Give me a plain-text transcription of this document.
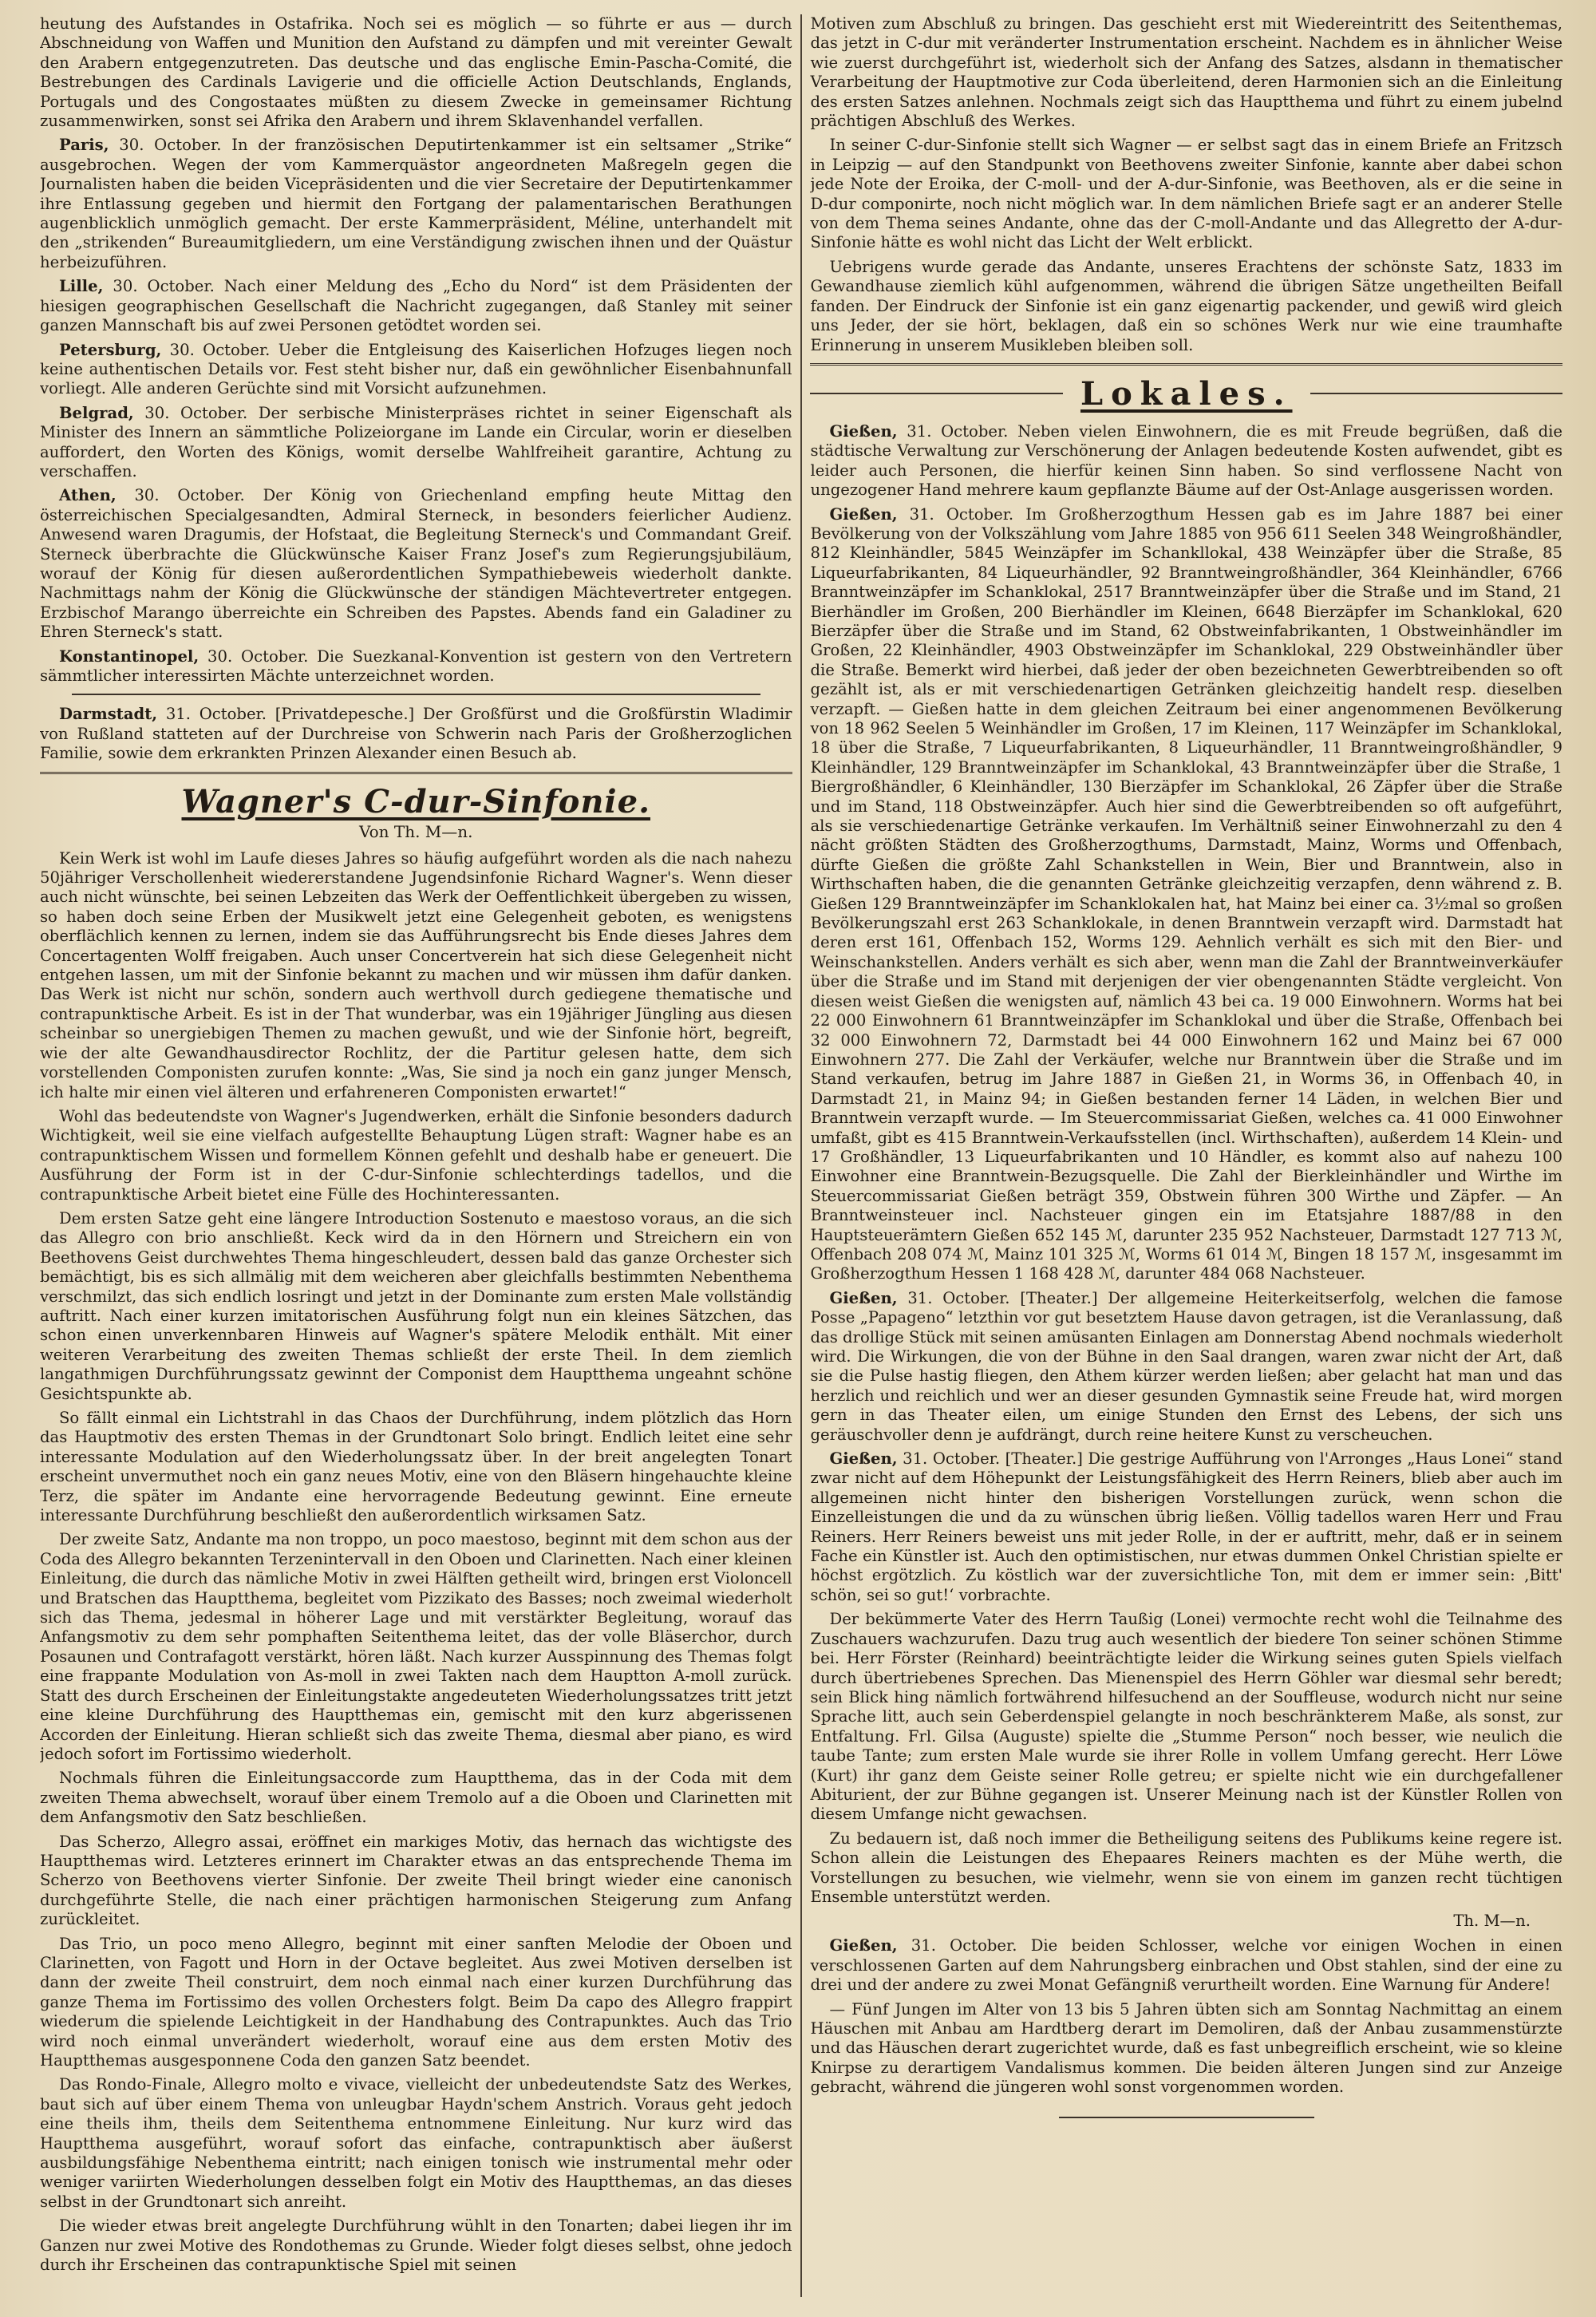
heutung des Aufstandes in Ostafrika. Noch sei es möglich — so führte er aus — durch Abschneidung von Waffen und Munition den Aufstand zu dämpfen und mit vereinter Gewalt den Arabern entgegenzutreten. Das deutsche und das englische Emin-Pascha-Comité, die Bestrebungen des Cardinals Lavigerie und die officielle Action Deutschlands, Englands, Portugals und des Congostaates müßten zu diesem Zwecke in gemeinsamer Richtung zusammenwirken, sonst sei Afrika den Arabern und ihrem Sklavenhandel verfallen.

Paris, 30. October. In der französischen Deputirtenkammer ist ein seltsamer „Strike“ ausgebrochen. Wegen der vom Kammerquästor angeordneten Maßregeln gegen die Journalisten haben die beiden Vicepräsidenten und die vier Secretaire der Deputirtenkammer ihre Entlassung gegeben und hiermit den Fortgang der palamentarischen Berathungen augenblicklich unmöglich gemacht. Der erste Kammerpräsident, Méline, unterhandelt mit den „strikenden“ Bureaumitgliedern, um eine Verständigung zwischen ihnen und der Quästur herbeizuführen.

Lille, 30. October. Nach einer Meldung des „Echo du Nord“ ist dem Präsidenten der hiesigen geographischen Gesellschaft die Nachricht zugegangen, daß Stanley mit seiner ganzen Mannschaft bis auf zwei Personen getödtet worden sei.

Petersburg, 30. October. Ueber die Entgleisung des Kaiserlichen Hofzuges liegen noch keine authentischen Details vor. Fest steht bisher nur, daß ein gewöhnlicher Eisenbahnunfall vorliegt. Alle anderen Gerüchte sind mit Vorsicht aufzunehmen.

Belgrad, 30. October. Der serbische Ministerpräses richtet in seiner Eigenschaft als Minister des Innern an sämmtliche Polizeiorgane im Lande ein Circular, worin er dieselben auffordert, den Worten des Königs, womit derselbe Wahlfreiheit garantire, Achtung zu verschaffen.

Athen, 30. October. Der König von Griechenland empfing heute Mittag den österreichischen Specialgesandten, Admiral Sterneck, in besonders feierlicher Audienz. Anwesend waren Dragumis, der Hofstaat, die Begleitung Sterneck's und Commandant Greif. Sterneck überbrachte die Glückwünsche Kaiser Franz Josef's zum Regierungsjubiläum, worauf der König für diesen außerordentlichen Sympathiebeweis wiederholt dankte. Nachmittags nahm der König die Glückwünsche der ständigen Mächtevertreter entgegen. Erzbischof Marango überreichte ein Schreiben des Papstes. Abends fand ein Galadiner zu Ehren Sterneck's statt.

Konstantinopel, 30. October. Die Suezkanal-Konvention ist gestern von den Vertretern sämmtlicher interessirten Mächte unterzeichnet worden.

Darmstadt, 31. October. [Privatdepesche.] Der Großfürst und die Großfürstin Wladimir von Rußland statteten auf der Durchreise von Schwerin nach Paris der Großherzoglichen Familie, sowie dem erkrankten Prinzen Alexander einen Besuch ab.

Wagner's C-dur-Sinfonie.
Von Th. M—n.

Kein Werk ist wohl im Laufe dieses Jahres so häufig aufgeführt worden als die nach nahezu 50jähriger Verschollenheit wiedererstandene Jugendsinfonie Richard Wagner's. Wenn dieser auch nicht wünschte, bei seinen Lebzeiten das Werk der Oeffentlichkeit übergeben zu wissen, so haben doch seine Erben der Musikwelt jetzt eine Gelegenheit geboten, es wenigstens oberflächlich kennen zu lernen, indem sie das Aufführungsrecht bis Ende dieses Jahres dem Concertagenten Wolff freigaben. Auch unser Concertverein hat sich diese Gelegenheit nicht entgehen lassen, um mit der Sinfonie bekannt zu machen und wir müssen ihm dafür danken. Das Werk ist nicht nur schön, sondern auch werthvoll durch gediegene thematische und contrapunktische Arbeit. Es ist in der That wunderbar, was ein 19jähriger Jüngling aus diesen scheinbar so unergiebigen Themen zu machen gewußt, und wie der Sinfonie hört, begreift, wie der alte Gewandhausdirector Rochlitz, der die Partitur gelesen hatte, dem sich vorstellenden Componisten zurufen konnte: „Was, Sie sind ja noch ein ganz junger Mensch, ich halte mir einen viel älteren und erfahreneren Componisten erwartet!“

Wohl das bedeutendste von Wagner's Jugendwerken, erhält die Sinfonie besonders dadurch Wichtigkeit, weil sie eine vielfach aufgestellte Behauptung Lügen straft: Wagner habe es an contrapunktischem Wissen und formellem Können gefehlt und deshalb habe er geneuert. Die Ausführung der Form ist in der C-dur-Sinfonie schlechterdings tadellos, und die contrapunktische Arbeit bietet eine Fülle des Hochinteressanten.

Dem ersten Satze geht eine längere Introduction Sostenuto e maestoso voraus, an die sich das Allegro con brio anschließt. Keck wird da in den Hörnern und Streichern ein von Beethovens Geist durchwehtes Thema hingeschleudert, dessen bald das ganze Orchester sich bemächtigt, bis es sich allmälig mit dem weicheren aber gleichfalls bestimmten Nebenthema verschmilzt, das sich endlich losringt und jetzt in der Dominante zum ersten Male vollständig auftritt. Nach einer kurzen imitatorischen Ausführung folgt nun ein kleines Sätzchen, das schon einen unverkennbaren Hinweis auf Wagner's spätere Melodik enthält. Mit einer weiteren Verarbeitung des zweiten Themas schließt der erste Theil. In dem ziemlich langathmigen Durchführungssatz gewinnt der Componist dem Hauptthema ungeahnt schöne Gesichtspunkte ab.

So fällt einmal ein Lichtstrahl in das Chaos der Durchführung, indem plötzlich das Horn das Hauptmotiv des ersten Themas in der Grundtonart Solo bringt. Endlich leitet eine sehr interessante Modulation auf den Wiederholungssatz über. In der breit angelegten Tonart erscheint unvermuthet noch ein ganz neues Motiv, eine von den Bläsern hingehauchte kleine Terz, die später im Andante eine hervorragende Bedeutung gewinnt. Eine erneute interessante Durchführung beschließt den außerordentlich wirksamen Satz.

Der zweite Satz, Andante ma non troppo, un poco maestoso, beginnt mit dem schon aus der Coda des Allegro bekannten Terzenintervall in den Oboen und Clarinetten. Nach einer kleinen Einleitung, die durch das nämliche Motiv in zwei Hälften getheilt wird, bringen erst Violoncell und Bratschen das Hauptthema, begleitet vom Pizzikato des Basses; noch zweimal wiederholt sich das Thema, jedesmal in höherer Lage und mit verstärkter Begleitung, worauf das Anfangsmotiv zu dem sehr pomphaften Seitenthema leitet, das der volle Bläserchor, durch Posaunen und Contrafagott verstärkt, hören läßt. Nach kurzer Ausspinnung des Themas folgt eine frappante Modulation von As-moll in zwei Takten nach dem Hauptton A-moll zurück. Statt des durch Erscheinen der Einleitungstakte angedeuteten Wiederholungssatzes tritt jetzt eine kleine Durchführung des Hauptthemas ein, gemischt mit den kurz abgerissenen Accorden der Einleitung. Hieran schließt sich das zweite Thema, diesmal aber piano, es wird jedoch sofort im Fortissimo wiederholt.

Nochmals führen die Einleitungsaccorde zum Hauptthema, das in der Coda mit dem zweiten Thema abwechselt, worauf über einem Tremolo auf a die Oboen und Clarinetten mit dem Anfangsmotiv den Satz beschließen.

Das Scherzo, Allegro assai, eröffnet ein markiges Motiv, das hernach das wichtigste des Hauptthemas wird. Letzteres erinnert im Charakter etwas an das entsprechende Thema im Scherzo von Beethovens vierter Sinfonie. Der zweite Theil bringt wieder eine canonisch durchgeführte Stelle, die nach einer prächtigen harmonischen Steigerung zum Anfang zurückleitet.

Das Trio, un poco meno Allegro, beginnt mit einer sanften Melodie der Oboen und Clarinetten, von Fagott und Horn in der Octave begleitet. Aus zwei Motiven derselben ist dann der zweite Theil construirt, dem noch einmal nach einer kurzen Durchführung das ganze Thema im Fortissimo des vollen Orchesters folgt. Beim Da capo des Allegro frappirt wiederum die spielende Leichtigkeit in der Handhabung des Contrapunktes. Auch das Trio wird noch einmal unverändert wiederholt, worauf eine aus dem ersten Motiv des Hauptthemas ausgesponnene Coda den ganzen Satz beendet.

Das Rondo-Finale, Allegro molto e vivace, vielleicht der unbedeutendste Satz des Werkes, baut sich auf über einem Thema von unleugbar Haydn'schem Anstrich. Voraus geht jedoch eine theils ihm, theils dem Seitenthema entnommene Einleitung. Nur kurz wird das Hauptthema ausgeführt, worauf sofort das einfache, contrapunktisch aber äußerst ausbildungsfähige Nebenthema eintritt; nach einigen tonisch wie instrumental mehr oder weniger variirten Wiederholungen desselben folgt ein Motiv des Hauptthemas, an das dieses selbst in der Grundtonart sich anreiht.

Die wieder etwas breit angelegte Durchführung wühlt in den Tonarten; dabei liegen ihr im Ganzen nur zwei Motive des Rondothemas zu Grunde. Wieder folgt dieses selbst, ohne jedoch durch ihr Erscheinen das contrapunktische Spiel mit seinen

Motiven zum Abschluß zu bringen. Das geschieht erst mit Wiedereintritt des Seitenthemas, das jetzt in C-dur mit veränderter Instrumentation erscheint. Nachdem es in ähnlicher Weise wie zuerst durchgeführt ist, wiederholt sich der Anfang des Satzes, alsdann in thematischer Verarbeitung der Hauptmotive zur Coda überleitend, deren Harmonien sich an die Einleitung des ersten Satzes anlehnen. Nochmals zeigt sich das Hauptthema und führt zu einem jubelnd prächtigen Abschluß des Werkes.

In seiner C-dur-Sinfonie stellt sich Wagner — er selbst sagt das in einem Briefe an Fritzsch in Leipzig — auf den Standpunkt von Beethovens zweiter Sinfonie, kannte aber dabei schon jede Note der Eroika, der C-moll- und der A-dur-Sinfonie, was Beethoven, als er die seine in D-dur componirte, noch nicht möglich war. In dem nämlichen Briefe sagt er an anderer Stelle von dem Thema seines Andante, ohne das der C-moll-Andante und das Allegretto der A-dur-Sinfonie hätte es wohl nicht das Licht der Welt erblickt.

Uebrigens wurde gerade das Andante, unseres Erachtens der schönste Satz, 1833 im Gewandhause ziemlich kühl aufgenommen, während die übrigen Sätze ungetheilten Beifall fanden. Der Eindruck der Sinfonie ist ein ganz eigenartig packender, und gewiß wird gleich uns Jeder, der sie hört, beklagen, daß ein so schönes Werk nur wie eine traumhafte Erinnerung in unserem Musikleben bleiben soll.

Lokales.

Gießen, 31. October. Neben vielen Einwohnern, die es mit Freude begrüßen, daß die städtische Verwaltung zur Verschönerung der Anlagen bedeutende Kosten aufwendet, gibt es leider auch Personen, die hierfür keinen Sinn haben. So sind verflossene Nacht von ungezogener Hand mehrere kaum gepflanzte Bäume auf der Ost-Anlage ausgerissen worden.

Gießen, 31. October. Im Großherzogthum Hessen gab es im Jahre 1887 bei einer Bevölkerung von der Volkszählung vom Jahre 1885 von 956 611 Seelen 348 Weingroßhändler, 812 Kleinhändler, 5845 Weinzäpfer im Schankllokal, 438 Weinzäpfer über die Straße, 85 Liqueurfabrikanten, 84 Liqueurhändler, 92 Branntweingroßhändler, 364 Kleinhändler, 6766 Branntweinzäpfer im Schanklokal, 2517 Branntweinzäpfer über die Straße und im Stand, 21 Bierhändler im Großen, 200 Bierhändler im Kleinen, 6648 Bierzäpfer im Schanklokal, 620 Bierzäpfer über die Straße und im Stand, 62 Obstweinfabrikanten, 1 Obstweinhändler im Großen, 22 Kleinhändler, 4903 Obstweinzäpfer im Schanklokal, 229 Obstweinhändler über die Straße. Bemerkt wird hierbei, daß jeder der oben bezeichneten Gewerbtreibenden so oft gezählt ist, als er mit verschiedenartigen Getränken gleichzeitig handelt resp. dieselben verzapft. — Gießen hatte in dem gleichen Zeitraum bei einer angenommenen Bevölkerung von 18 962 Seelen 5 Weinhändler im Großen, 17 im Kleinen, 117 Weinzäpfer im Schanklokal, 18 über die Straße, 7 Liqueurfabrikanten, 8 Liqueurhändler, 11 Branntweingroßhändler, 9 Kleinhändler, 129 Branntweinzäpfer im Schanklokal, 43 Branntweinzäpfer über die Straße, 1 Biergroßhändler, 6 Kleinhändler, 130 Bierzäpfer im Schanklokal, 26 Zäpfer über die Straße und im Stand, 118 Obstweinzäpfer. Auch hier sind die Gewerbtreibenden so oft aufgeführt, als sie verschiedenartige Getränke verkaufen. Im Verhältniß seiner Einwohnerzahl zu den 4 nächt größten Städten des Großherzogthums, Darmstadt, Mainz, Worms und Offenbach, dürfte Gießen die größte Zahl Schankstellen in Wein, Bier und Branntwein, also in Wirthschaften haben, die die genannten Getränke gleichzeitig verzapfen, denn während z. B. Gießen 129 Branntweinzäpfer im Schanklokalen hat, hat Mainz bei einer ca. 3½mal so großen Bevölkerungszahl erst 263 Schanklokale, in denen Branntwein verzapft wird. Darmstadt hat deren erst 161, Offenbach 152, Worms 129. Aehnlich verhält es sich mit den Bier- und Weinschankstellen. Anders verhält es sich aber, wenn man die Zahl der Branntweinverkäufer über die Straße und im Stand mit derjenigen der vier obengenannten Städte vergleicht. Von diesen weist Gießen die wenigsten auf, nämlich 43 bei ca. 19 000 Einwohnern. Worms hat bei 22 000 Einwohnern 61 Branntweinzäpfer im Schanklokal und über die Straße, Offenbach bei 32 000 Einwohnern 72, Darmstadt bei 44 000 Einwohnern 162 und Mainz bei 67 000 Einwohnern 277. Die Zahl der Verkäufer, welche nur Branntwein über die Straße und im Stand verkaufen, betrug im Jahre 1887 in Gießen 21, in Worms 36, in Offenbach 40, in Darmstadt 21, in Mainz 94; in Gießen bestanden ferner 14 Läden, in welchen Bier und Branntwein verzapft wurde. — Im Steuercommissariat Gießen, welches ca. 41 000 Einwohner umfaßt, gibt es 415 Branntwein-Verkaufsstellen (incl. Wirthschaften), außerdem 14 Klein- und 17 Großhändler, 13 Liqueurfabrikanten und 10 Händler, es kommt also auf nahezu 100 Einwohner eine Branntwein-Bezugsquelle. Die Zahl der Bierkleinhändler und Wirthe im Steuercommissariat Gießen beträgt 359, Obstwein führen 300 Wirthe und Zäpfer. — An Branntweinsteuer incl. Nachsteuer gingen ein im Etatsjahre 1887/88 in den Hauptsteuerämtern Gießen 652 145 ℳ, darunter 235 952 Nachsteuer, Darmstadt 127 713 ℳ, Offenbach 208 074 ℳ, Mainz 101 325 ℳ, Worms 61 014 ℳ, Bingen 18 157 ℳ, insgesammt im Großherzogthum Hessen 1 168 428 ℳ, darunter 484 068 Nachsteuer.

Gießen, 31. October. [Theater.] Der allgemeine Heiterkeitserfolg, welchen die famose Posse „Papageno“ letzthin vor gut besetztem Hause davon getragen, ist die Veranlassung, daß das drollige Stück mit seinen amüsanten Einlagen am Donnerstag Abend nochmals wiederholt wird. Die Wirkungen, die von der Bühne in den Saal drangen, waren zwar nicht der Art, daß sie die Pulse hastig fliegen, den Athem kürzer werden ließen; aber gelacht hat man und das herzlich und reichlich und wer an dieser gesunden Gymnastik seine Freude hat, wird morgen gern in das Theater eilen, um einige Stunden den Ernst des Lebens, der sich uns geräuschvoller denn je aufdrängt, durch reine heitere Kunst zu verscheuchen.

Gießen, 31. October. [Theater.] Die gestrige Aufführung von l'Arronges „Haus Lonei“ stand zwar nicht auf dem Höhepunkt der Leistungsfähigkeit des Herrn Reiners, blieb aber auch im allgemeinen nicht hinter den bisherigen Vorstellungen zurück, wenn schon die Einzelleistungen die und da zu wünschen übrig ließen. Völlig tadellos waren Herr und Frau Reiners. Herr Reiners beweist uns mit jeder Rolle, in der er auftritt, mehr, daß er in seinem Fache ein Künstler ist. Auch den optimistischen, nur etwas dummen Onkel Christian spielte er höchst ergötzlich. Zu köstlich war der zuversichtliche Ton, mit dem er immer sein: ‚Bitt' schön, sei so gut!‘ vorbrachte.

Der bekümmerte Vater des Herrn Taußig (Lonei) vermochte recht wohl die Teilnahme des Zuschauers wachzurufen. Dazu trug auch wesentlich der biedere Ton seiner schönen Stimme bei. Herr Förster (Reinhard) beeinträchtigte leider die Wirkung seines guten Spiels vielfach durch übertriebenes Sprechen. Das Mienenspiel des Herrn Göhler war diesmal sehr beredt; sein Blick hing nämlich fortwährend hilfesuchend an der Souffleuse, wodurch nicht nur seine Sprache litt, auch sein Geberdenspiel gelangte in noch beschränkterem Maße, als sonst, zur Entfaltung. Frl. Gilsa (Auguste) spielte die „Stumme Person“ noch besser, wie neulich die taube Tante; zum ersten Male wurde sie ihrer Rolle in vollem Umfang gerecht. Herr Löwe (Kurt) ihr ganz dem Geiste seiner Rolle getreu; er spielte nicht wie ein durchgefallener Abiturient, der zur Bühne gegangen ist. Unserer Meinung nach ist der Künstler Rollen von diesem Umfange nicht gewachsen.

Zu bedauern ist, daß noch immer die Betheiligung seitens des Publikums keine regere ist. Schon allein die Leistungen des Ehepaares Reiners machten es der Mühe werth, die Vorstellungen zu besuchen, wie vielmehr, wenn sie von einem im ganzen recht tüchtigen Ensemble unterstützt werden.

Th. M—n.

Gießen, 31. October. Die beiden Schlosser, welche vor einigen Wochen in einen verschlossenen Garten auf dem Nahrungsberg einbrachen und Obst stahlen, sind der eine zu drei und der andere zu zwei Monat Gefängniß verurtheilt worden. Eine Warnung für Andere!

— Fünf Jungen im Alter von 13 bis 5 Jahren übten sich am Sonntag Nachmittag an einem Häuschen mit Anbau am Hardtberg derart im Demoliren, daß der Anbau zusammenstürzte und das Häuschen derart zugerichtet wurde, daß es fast unbegreiflich erscheint, wie so kleine Knirpse zu derartigem Vandalismus kommen. Die beiden älteren Jungen sind zur Anzeige gebracht, während die jüngeren wohl sonst vorgenommen worden.
